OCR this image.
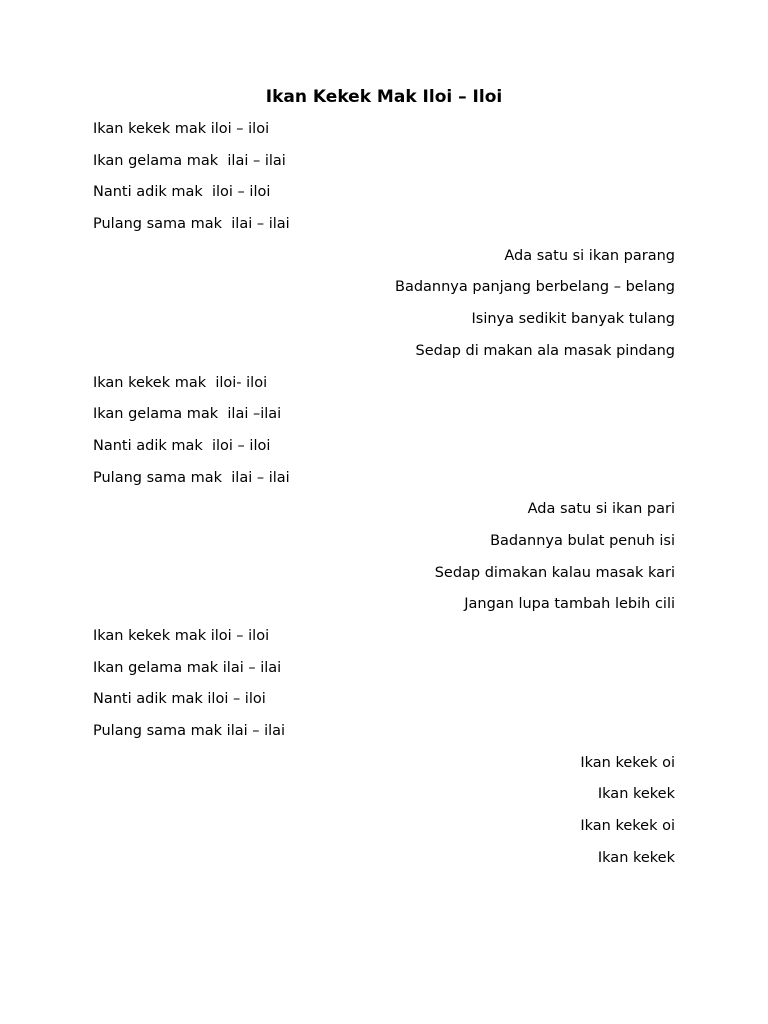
Ikan Kekek Mak Iloi – Iloi
Ikan kekek mak iloi – iloi
Ikan gelama mak  ilai – ilai
Nanti adik mak  iloi – iloi
Pulang sama mak  ilai – ilai
Ada satu si ikan parang
Badannya panjang berbelang – belang
Isinya sedikit banyak tulang
Sedap di makan ala masak pindang
Ikan kekek mak  iloi- iloi
Ikan gelama mak  ilai –ilai
Nanti adik mak  iloi – iloi
Pulang sama mak  ilai – ilai
Ada satu si ikan pari
Badannya bulat penuh isi
Sedap dimakan kalau masak kari
Jangan lupa tambah lebih cili
Ikan kekek mak iloi – iloi
Ikan gelama mak ilai – ilai
Nanti adik mak iloi – iloi
Pulang sama mak ilai – ilai
Ikan kekek oi
Ikan kekek
Ikan kekek oi
Ikan kekek
